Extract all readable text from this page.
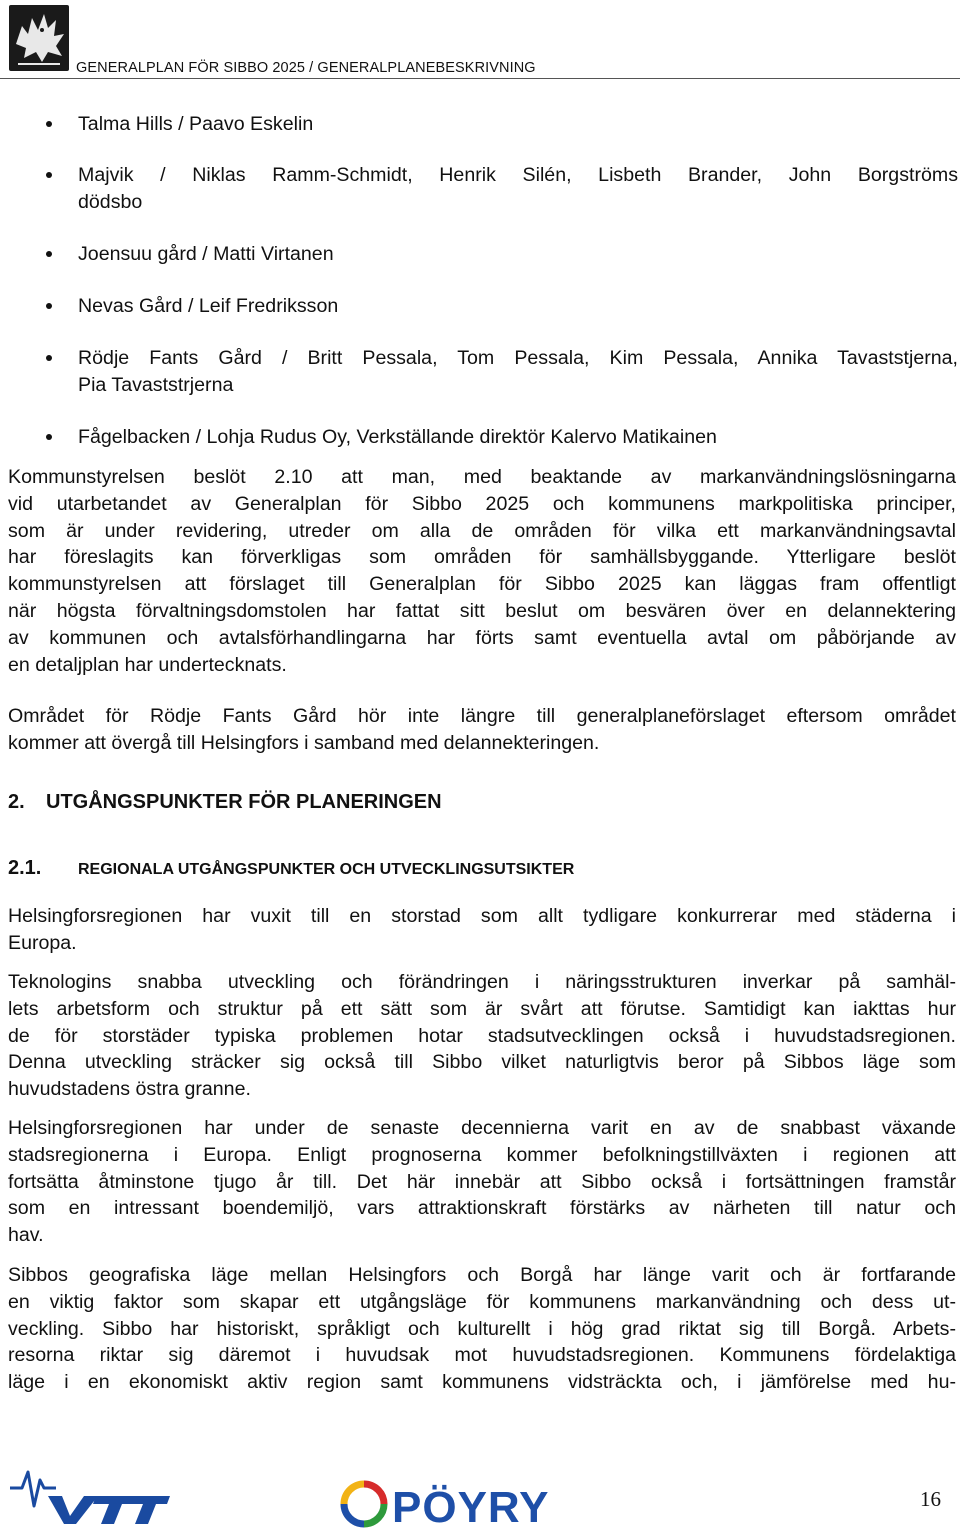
GENERALPLAN FÖR SIBBO 2025 / GENERALPLANEBESKRIVNING
Talma Hills / Paavo Eskelin
Majvik / Niklas Ramm-Schmidt, Henrik Silén, Lisbeth Brander, John Borgströms
dödsbo
Joensuu gård / Matti Virtanen
Nevas Gård / Leif Fredriksson
Rödje Fants Gård / Britt Pessala, Tom Pessala, Kim Pessala, Annika Tavaststjerna,
Pia Tavaststrjerna
Fågelbacken / Lohja Rudus Oy, Verkställande direktör Kalervo Matikainen

Kommunstyrelsen beslöt 2.10 att man, med beaktande av markanvändningslösningarna
vid utarbetandet av Generalplan för Sibbo 2025 och kommunens markpolitiska principer,
som är under revidering, utreder om alla de områden för vilka ett markanvändningsavtal
har föreslagits kan förverkligas som områden för samhällsbyggande. Ytterligare beslöt
kommunstyrelsen att förslaget till Generalplan för Sibbo 2025 kan läggas fram offentligt
när högsta förvaltningsdomstolen har fattat sitt beslut om besvären över en delannektering
av kommunen och avtalsförhandlingarna har förts samt eventuella avtal om påbörjande av
en detaljplan har undertecknats.

Området för Rödje Fants Gård hör inte längre till generalplaneförslaget eftersom området
kommer att övergå till Helsingfors i samband med delannekteringen.

2. UTGÅNGSPUNKTER FÖR PLANERINGEN
2.1. REGIONALA UTGÅNGSPUNKTER OCH UTVECKLINGSUTSIKTER

Helsingforsregionen har vuxit till en storstad som allt tydligare konkurrerar med städerna i
Europa.

Teknologins snabba utveckling och förändringen i näringsstrukturen inverkar på samhäl-
lets arbetsform och struktur på ett sätt som är svårt att förutse. Samtidigt kan iakttas hur
de för storstäder typiska problemen hotar stadsutvecklingen också i huvudstadsregionen.
Denna utveckling sträcker sig också till Sibbo vilket naturligtvis beror på Sibbos läge som
huvudstadens östra granne.

Helsingforsregionen har under de senaste decennierna varit en av de snabbast växande
stadsregionerna i Europa. Enligt prognoserna kommer befolkningstillväxten i regionen att
fortsätta åtminstone tjugo år till. Det här innebär att Sibbo också i fortsättningen framstår
som en intressant boendemiljö, vars attraktionskraft förstärks av närheten till natur och
hav.

Sibbos geografiska läge mellan Helsingfors och Borgå har länge varit och är fortfarande
en viktig faktor som skapar ett utgångsläge för kommunens markanvändning och dess ut-
veckling. Sibbo har historiskt, språkligt och kulturellt i hög grad riktat sig till Borgå. Arbets-
resorna riktar sig däremot i huvudsak mot huvudstadsregionen. Kommunens fördelaktiga
läge i en ekonomiskt aktiv region samt kommunens vidsträckta och, i jämförelse med hu-

PÖYRY	16
